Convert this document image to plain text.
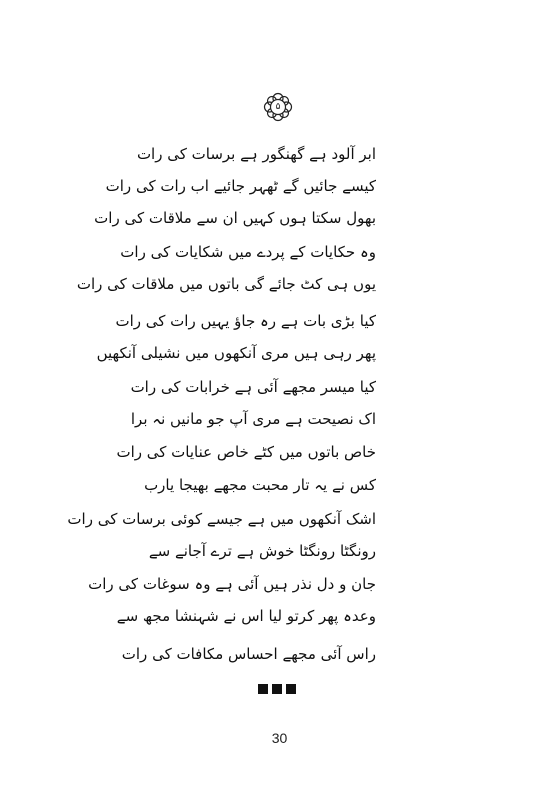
۵
ابر آلود ہے گھنگور ہے برسات کی رات
کیسے جائیں گے ٹھہر جائیے اب رات کی رات
بھول سکتا ہوں کہیں ان سے ملاقات کی رات
وہ حکایات کے پردے میں شکایات کی رات
یوں ہی کٹ جائے گی باتوں میں ملاقات کی رات
کیا بڑی بات ہے رہ جاؤ یہیں رات کی رات
پھر رہی ہیں مری آنکھوں میں نشیلی آنکھیں
کیا میسر مجھے آئی ہے خرابات کی رات
اک نصیحت ہے مری آپ جو مانیں نہ برا
خاص باتوں میں کٹے خاص عنایات کی رات
کس نے یہ تار محبت مجھے بھیجا یارب
اشک آنکھوں میں ہے جیسے کوئی برسات کی رات
رونگٹا رونگٹا خوش ہے ترے آجانے سے
جان و دل نذر ہیں آئی ہے وہ سوغات کی رات
وعدہ پھر کرتو لیا اس نے شہنشا مجھ سے
راس آئی مجھے احساس مکافات کی رات
30
